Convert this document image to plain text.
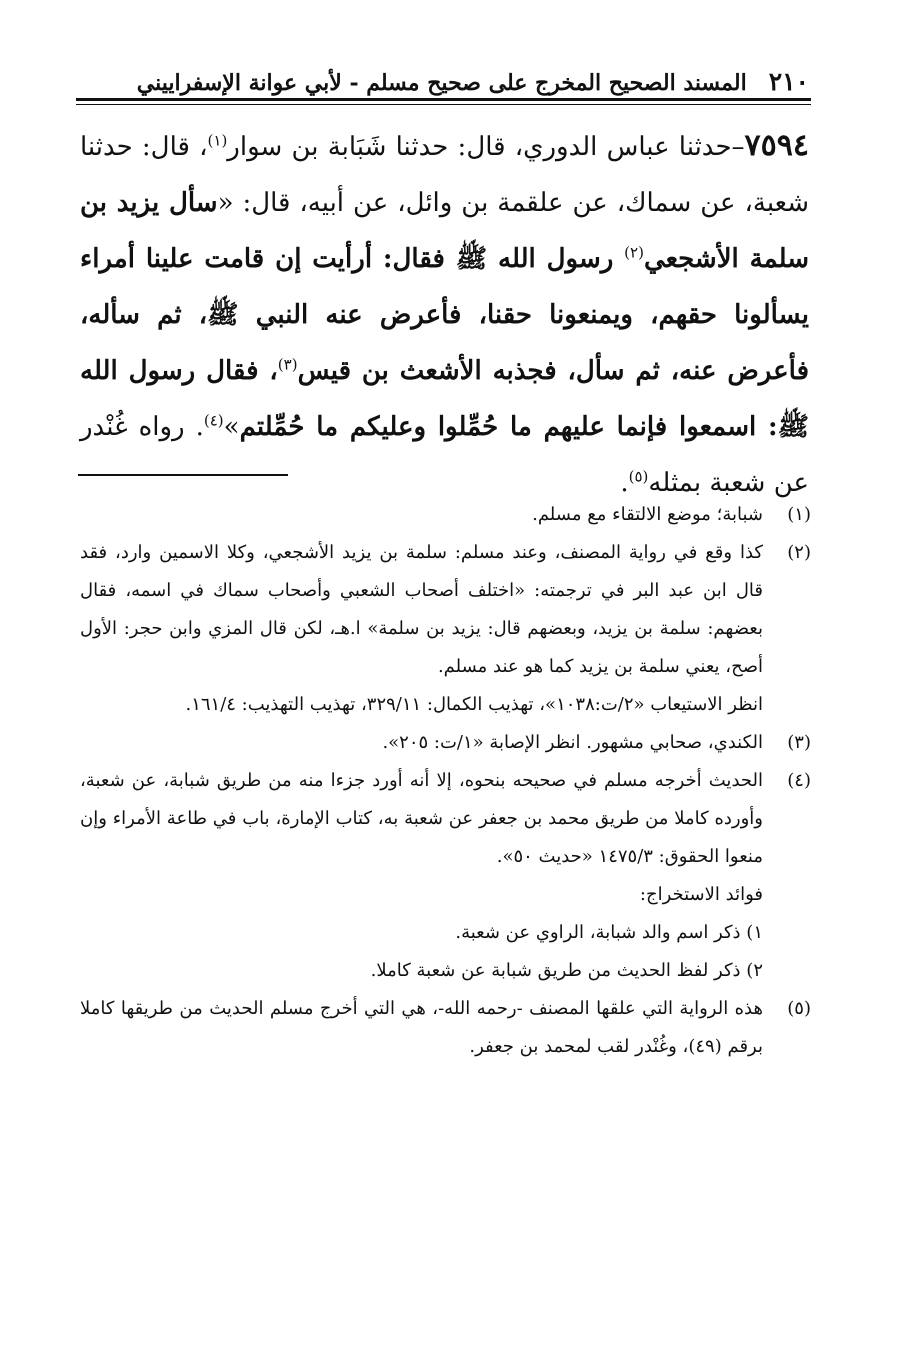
٢١٠
المسند الصحيح المخرج على صحيح مسلم - لأبي عوانة الإسفراييني
٧٥٩٤–حدثنا عباس الدوري، قال: حدثنا شَبَابة بن سوار$^{(١)}$، قال: حدثنا شعبة، عن سماك، عن علقمة بن وائل، عن أبيه، قال: «سأل يزيد بن سلمة الأشجعي$^{(٢)}$ رسول الله ﷺ فقال: أرأيت إن قامت علينا أمراء يسألونا حقهم، ويمنعونا حقنا، فأعرض عنه النبي ﷺ، ثم سأله، فأعرض عنه، ثم سأل، فجذبه الأشعث بن قيس$^{(٣)}$، فقال رسول الله ﷺ: اسمعوا فإنما عليهم ما حُمِّلوا وعليكم ما حُمِّلتم»$^{(٤)}$. رواه غُنْدر عن شعبة بمثله$^{(٥)}$.
(١)
شبابة؛ موضع الالتقاء مع مسلم.
(٢)
كذا وقع في رواية المصنف، وعند مسلم: سلمة بن يزيد الأشجعي، وكلا الاسمين وارد، فقد قال ابن عبد البر في ترجمته: «اختلف أصحاب الشعبي وأصحاب سماك في اسمه، فقال بعضهم: سلمة بن يزيد، وبعضهم قال: يزيد بن سلمة» ا.هـ، لكن قال المزي وابن حجر: الأول أصح، يعني سلمة بن يزيد كما هو عند مسلم.
انظر الاستيعاب «٢/ت:١٠٣٨»، تهذيب الكمال: ٣٢٩/١١، تهذيب التهذيب: ١٦١/٤.
(٣)
الكندي، صحابي مشهور. انظر الإصابة «١/ت: ٢٠٥».
(٤)
الحديث أخرجه مسلم في صحيحه بنحوه، إلا أنه أورد جزءا منه من طريق شبابة، عن شعبة، وأورده كاملا من طريق محمد بن جعفر عن شعبة به، كتاب الإمارة، باب في طاعة الأمراء وإن منعوا الحقوق: ١٤٧٥/٣ «حديث ٥٠».
فوائد الاستخراج:
١) ذكر اسم والد شبابة، الراوي عن شعبة.
٢) ذكر لفظ الحديث من طريق شبابة عن شعبة كاملا.
(٥)
هذه الرواية التي علقها المصنف -رحمه الله-، هي التي أخرج مسلم الحديث من طريقها كاملا برقم (٤٩)، وغُنْدر لقب لمحمد بن جعفر.
